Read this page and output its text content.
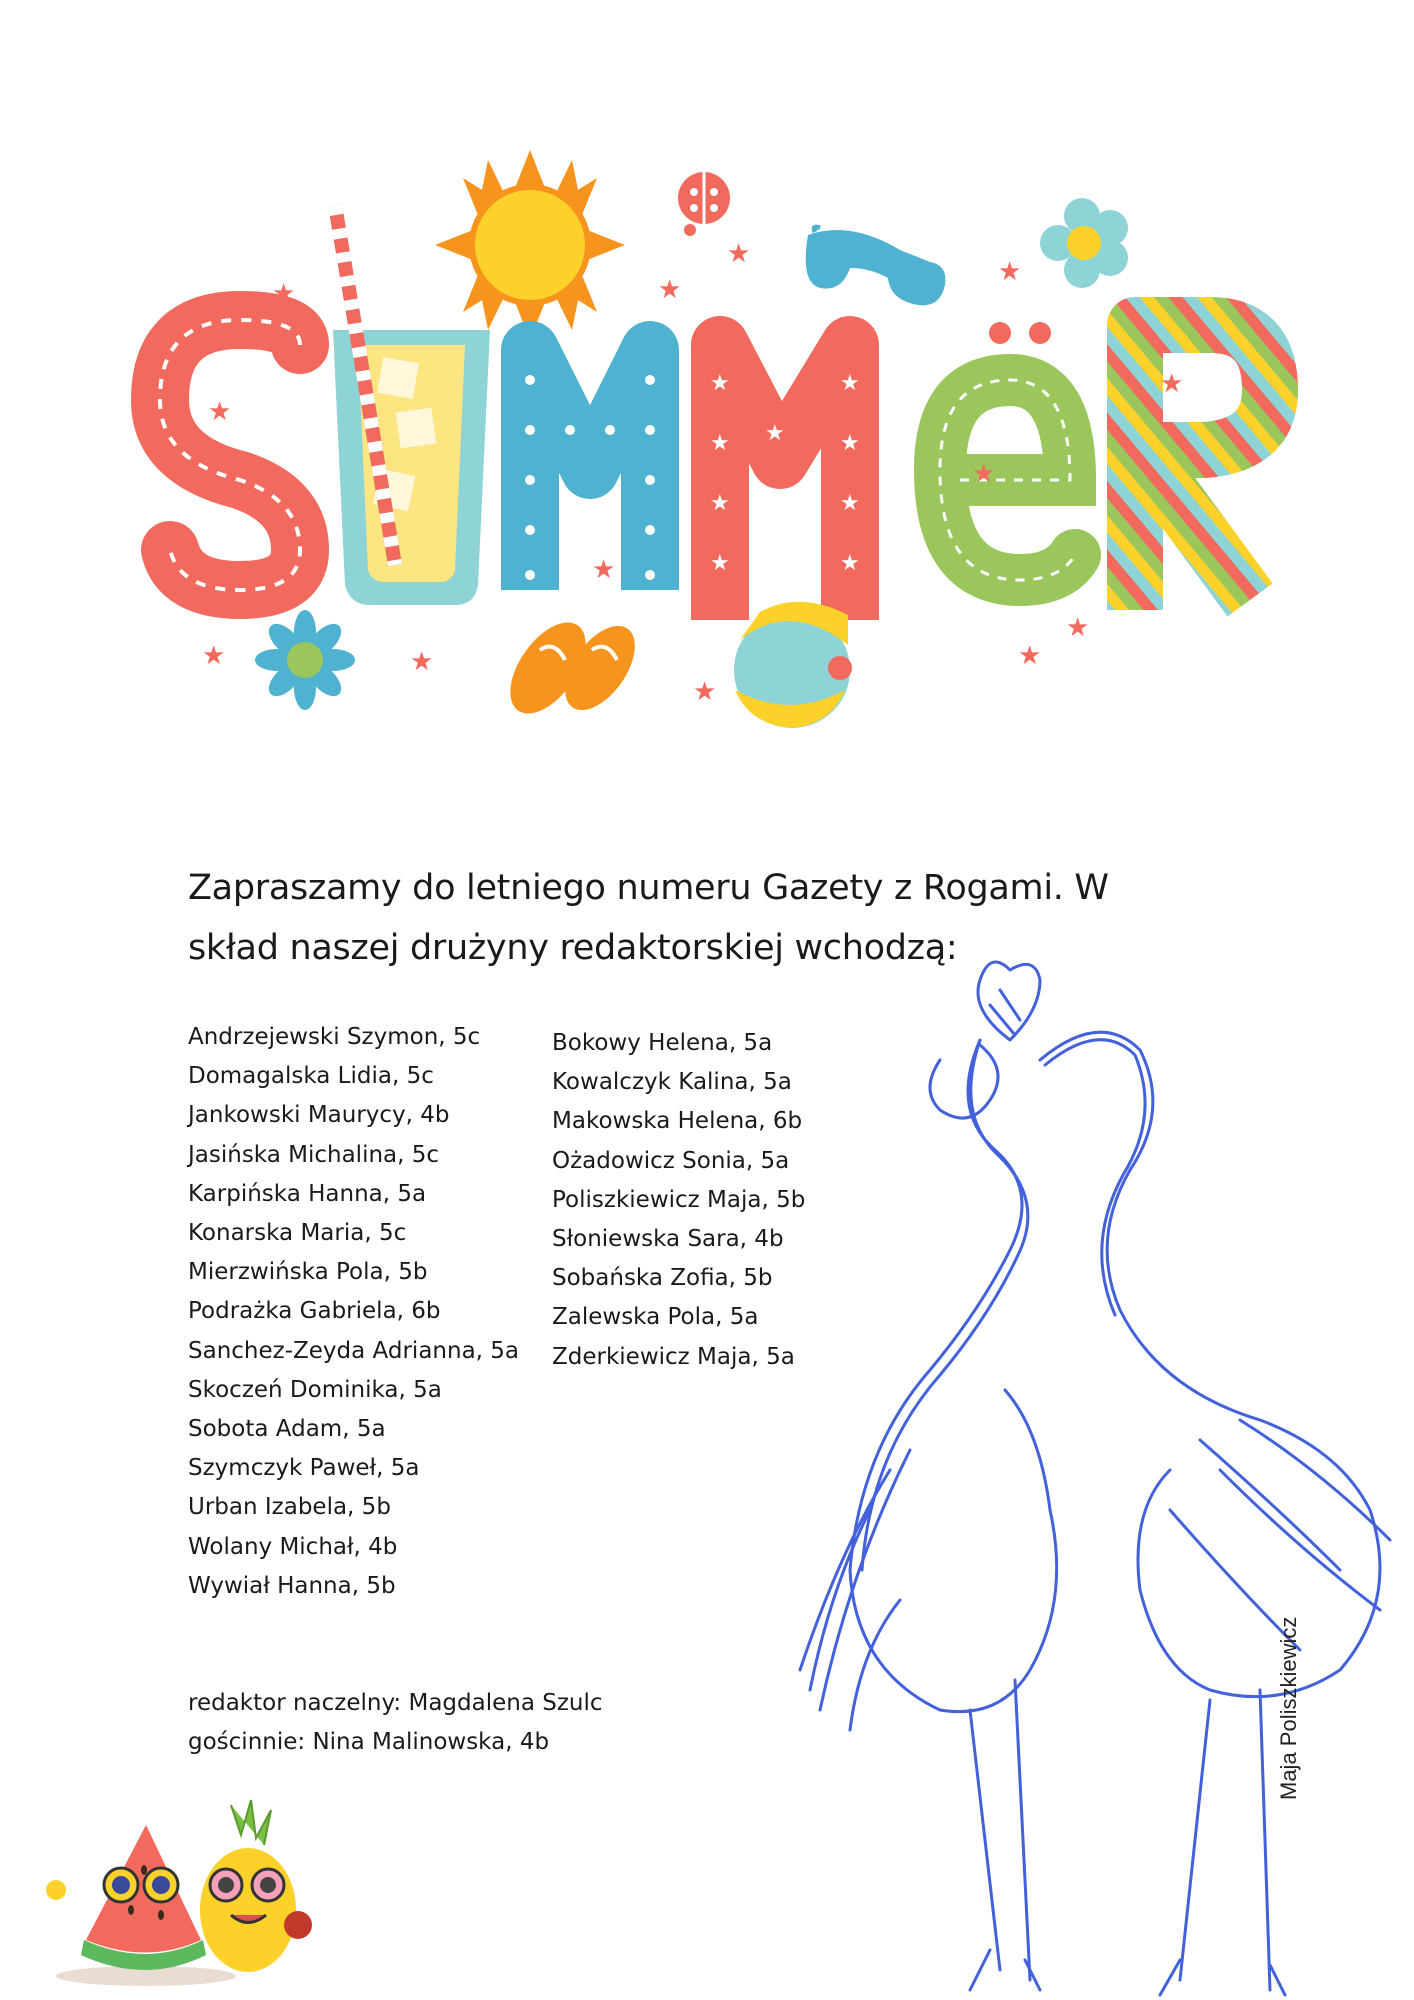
★
★
★
★
★
★
★
★
★
★
★
★
★
★
★
★
★
★
★
★	★
★

Zapraszamy do letniego numeru Gazety z Rogami. W
skład naszej drużyny redaktorskiej wchodzą:

Andrzejewski Szymon, 5c
Domagalska Lidia, 5c
Jankowski Maurycy, 4b
Jasińska Michalina, 5c
Karpińska Hanna, 5a
Konarska Maria, 5c
Mierzwińska Pola, 5b
Podrażka Gabriela, 6b
Sanchez-Zeyda Adrianna, 5a
Skoczeń Dominika, 5a
Sobota Adam, 5a
Szymczyk Paweł, 5a
Urban Izabela, 5b
Wolany Michał, 4b
Wywiał Hanna, 5b
Bokowy Helena, 5a
Kowalczyk Kalina, 5a
Makowska Helena, 6b
Ożadowicz Sonia, 5a
Poliszkiewicz Maja, 5b
Słoniewska Sara, 4b
Sobańska Zofia, 5b
Zalewska Pola, 5a
Zderkiewicz Maja, 5a

redaktor naczelny: Magdalena Szulc
gościnnie: Nina Malinowska, 4b	Maja Poliszkiewicz
